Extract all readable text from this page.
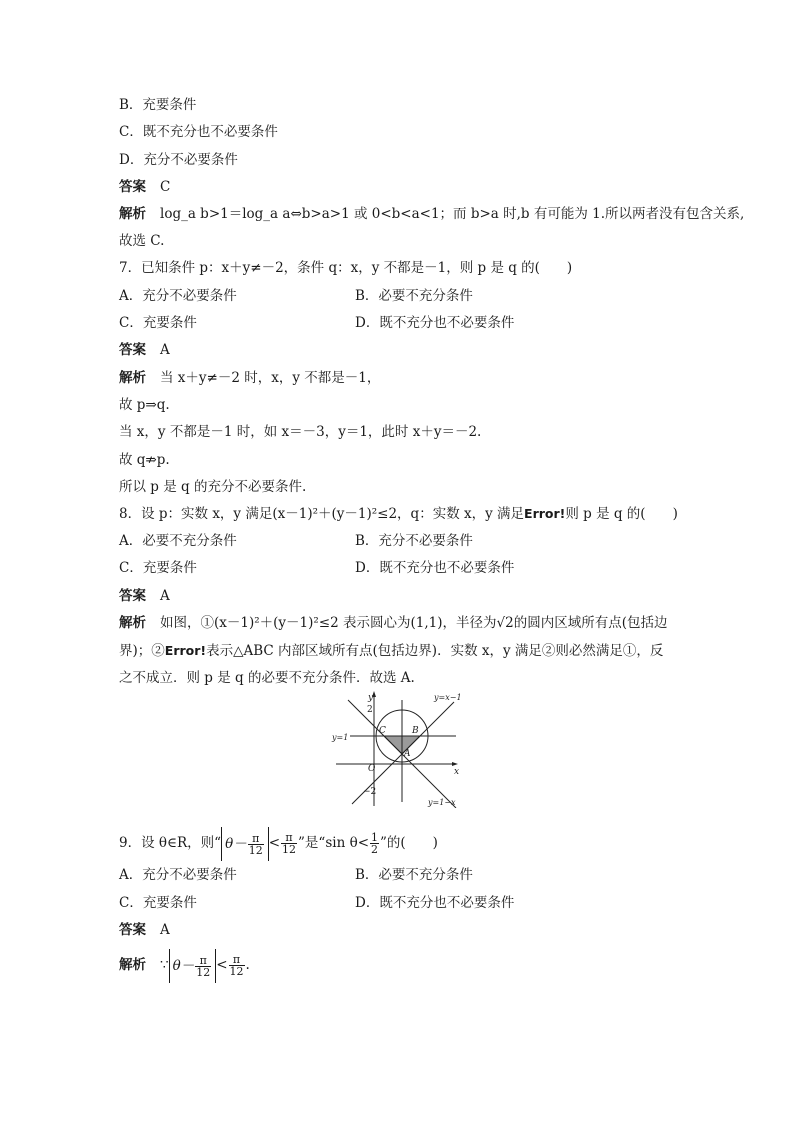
B．充要条件
C．既不充分也不必要条件
D．充分不必要条件
答案 C
解析 log_a b>1＝log_a a⇔b>a>1 或 0<b<a<1；而 b>a 时,b 有可能为 1.所以两者没有包含关系,
故选 C.
7．已知条件 p：x＋y≠－2，条件 q：x，y 不都是－1，则 p 是 q 的(　　)
A．充分不必要条件	B．必要不充分条件
C．充要条件	D．既不充分也不必要条件
答案 A
解析 当 x＋y≠－2 时，x，y 不都是－1，
故 p⇒q.
当 x，y 不都是－1 时，如 x＝－3，y＝1，此时 x＋y＝－2.
故 q⇏p.
所以 p 是 q 的充分不必要条件.
8．设 p：实数 x，y 满足(x－1)²＋(y－1)²≤2，q：实数 x，y 满足Error!则 p 是 q 的(　　)
A．必要不充分条件	B．充分不必要条件
C．充要条件	D．既不充分也不必要条件
答案 A
解析 如图，①(x－1)²＋(y－1)²≤2 表示圆心为(1,1)，半径为√2的圆内区域所有点(包括边
界)；②Error!表示△ABC 内部区域所有点(包括边界)．实数 x，y 满足②则必然满足①，反
之不成立．则 p 是 q 的必要不充分条件．故选 A.
y
x
2
−2
O
A
B
C
y=1
y=x−1
y=1−x
9．设 θ∈R，则“ $\theta- \frac{\pi}{12} < \frac{\pi}{12}$ ”是“sin $\theta< \frac{1}{2}$ ”的(　　)
A．充分不必要条件	B．必要不充分条件
C．充要条件	D．既不充分也不必要条件
答案 A
解析 ∵ $\theta- \frac{\pi}{12} < \frac{\pi}{12}$ .
